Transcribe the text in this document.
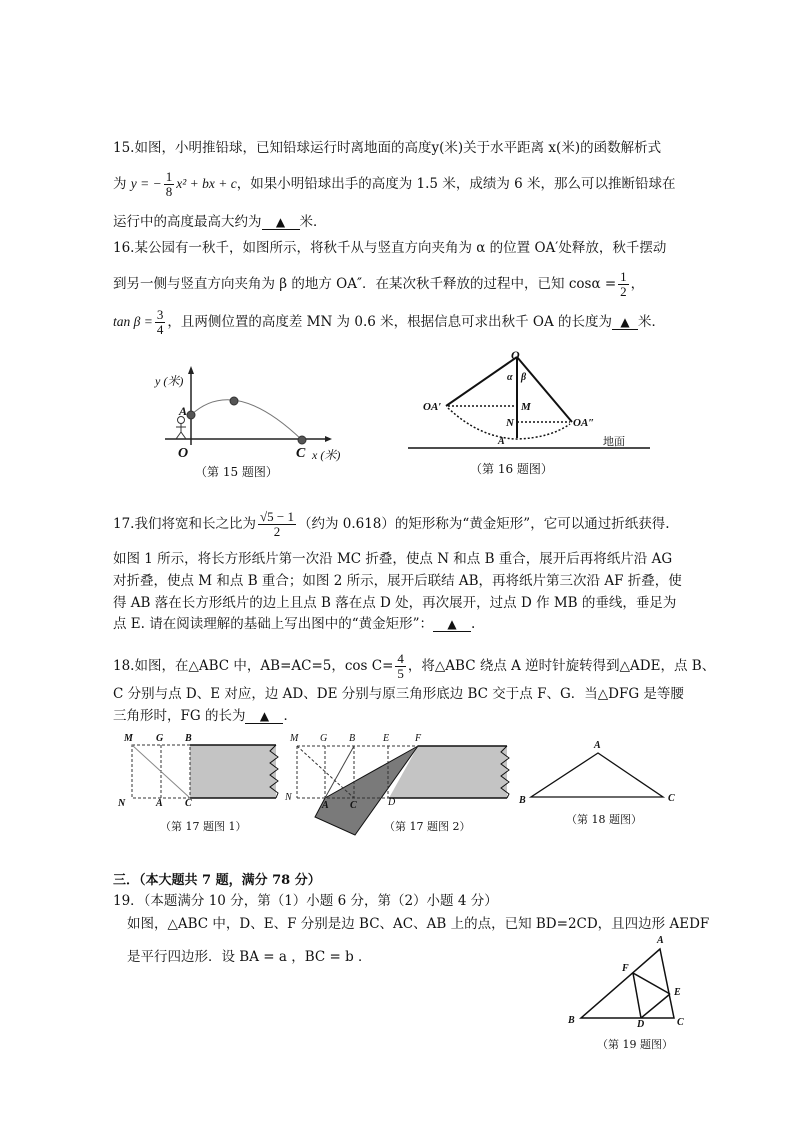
15.如图，小明推铅球，已知铅球运行时离地面的高度y(米)关于水平距离 x(米)的函数解析式
为 y = − $\frac{1}{8} x^2$ + bx + c，如果小明铅球出手的高度为 1.5 米，成绩为 6 米，那么可以推断铅球在
运行中的高度最高大约为 ▲ 米．
16.某公园有一秋千，如图所示，将秋千从与竖直方向夹角为 α 的位置 OA′处释放，秋千摆动
到另一侧与竖直方向夹角为 β 的地方 OA″．在某次秋千释放的过程中，已知 $\cos\alpha = \frac{1}{2}$ ，
$\tan \beta = \frac{3}{4}$ ，且两侧位置的高度差 MN 为 0.6 米，根据信息可求出秋千 OA 的长度为 ▲ 米．
y (米)
A
O	C x (米)
（第 15 题图）
O
α β
OA′	M
N	OA″
A	地面
（第 16 题图）
17.我们将宽和长之比为 $\frac{√5 - 1}{2}$ （约为 0.618）的矩形称为“黄金矩形”，它可以通过折纸获得.
如图 1 所示，将长方形纸片第一次沿 MC 折叠，使点 N 和点 B 重合，展开后再将纸片沿 AG
对折叠，使点 M 和点 B 重合；如图 2 所示，展开后联结 AB，再将纸片第三次沿 AF 折叠，使
得 AB 落在长方形纸片的边上且点 B 落在点 D 处，再次展开，过点 D 作 MB 的垂线，垂足为
点 E. 请在阅读理解的基础上写出图中的“黄金矩形”： ▲ .
18.如图，在△ABC 中，AB=AC=5，$\cos C= \frac{4}{5}$ ，将△ABC 绕点 A 逆时针旋转得到△ADE，点 B、
C 分别与点 D、E 对应，边 AD、DE 分别与原三角形底边 BC 交于点 F、G．当△DFG 是等腰
三角形时，FG 的长为 ▲ ．
M G B
N	A C
（第 17 题图 1）
M G B	E	F
N
A C	D
（第 17 题图 2）
A
B	C
（第 18 题图）
三．（本大题共 7 题，满分 78 分）
19．（本题满分 10 分，第（1）小题 6 分，第（2）小题 4 分）
如图，△ABC 中，D、E、F 分别是边 BC、AC、AB 上的点，已知 BD=2CD，且四边形 AEDF
是平行四边形．设 BA = a ，BC = b ．
A
F
E
B	D	C
（第 19 题图）
